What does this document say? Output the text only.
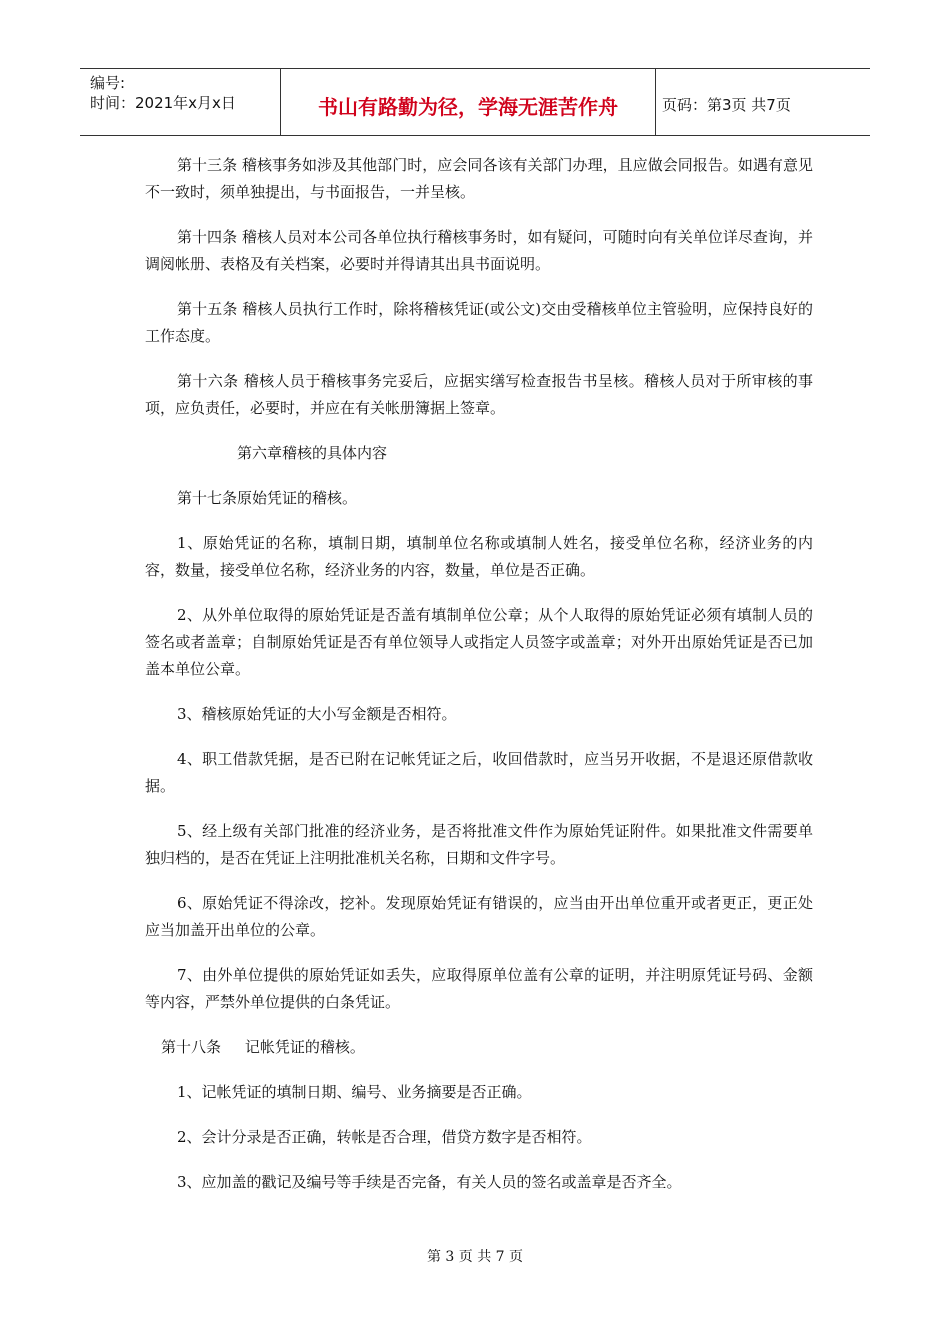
编号:
时间：2021年x月x日	书山有路勤为径，学海无涯苦作舟	页码：第3页 共7页

第十三条 稽核事务如涉及其他部门时，应会同各该有关部门办理，且应做会同报告。如遇有意见不一致时，须单独提出，与书面报告，一并呈核。

第十四条 稽核人员对本公司各单位执行稽核事务时，如有疑问，可随时向有关单位详尽查询，并调阅帐册、表格及有关档案，必要时并得请其出具书面说明。

第十五条 稽核人员执行工作时，除将稽核凭证(或公文)交由受稽核单位主管验明，应保持良好的工作态度。

第十六条 稽核人员于稽核事务完妥后，应据实缮写检查报告书呈核。稽核人员对于所审核的事项，应负责任，必要时，并应在有关帐册簿据上签章。

第六章稽核的具体内容

第十七条原始凭证的稽核。

1、原始凭证的名称，填制日期，填制单位名称或填制人姓名，接受单位名称，经济业务的内容，数量，接受单位名称，经济业务的内容，数量，单位是否正确。

2、从外单位取得的原始凭证是否盖有填制单位公章；从个人取得的原始凭证必须有填制人员的签名或者盖章；自制原始凭证是否有单位领导人或指定人员签字或盖章；对外开出原始凭证是否已加盖本单位公章。

3、稽核原始凭证的大小写金额是否相符。

4、职工借款凭据，是否已附在记帐凭证之后，收回借款时，应当另开收据，不是退还原借款收据。

5、经上级有关部门批准的经济业务，是否将批准文件作为原始凭证附件。如果批准文件需要单独归档的，是否在凭证上注明批准机关名称，日期和文件字号。

6、原始凭证不得涂改，挖补。发现原始凭证有错误的，应当由开出单位重开或者更正，更正处应当加盖开出单位的公章。

7、由外单位提供的原始凭证如丢失，应取得原单位盖有公章的证明，并注明原凭证号码、金额等内容，严禁外单位提供的白条凭证。

第十八条     记帐凭证的稽核。

1、记帐凭证的填制日期、编号、业务摘要是否正确。

2、会计分录是否正确，转帐是否合理，借贷方数字是否相符。

3、应加盖的戳记及编号等手续是否完备，有关人员的签名或盖章是否齐全。

第 3 页 共 7 页
